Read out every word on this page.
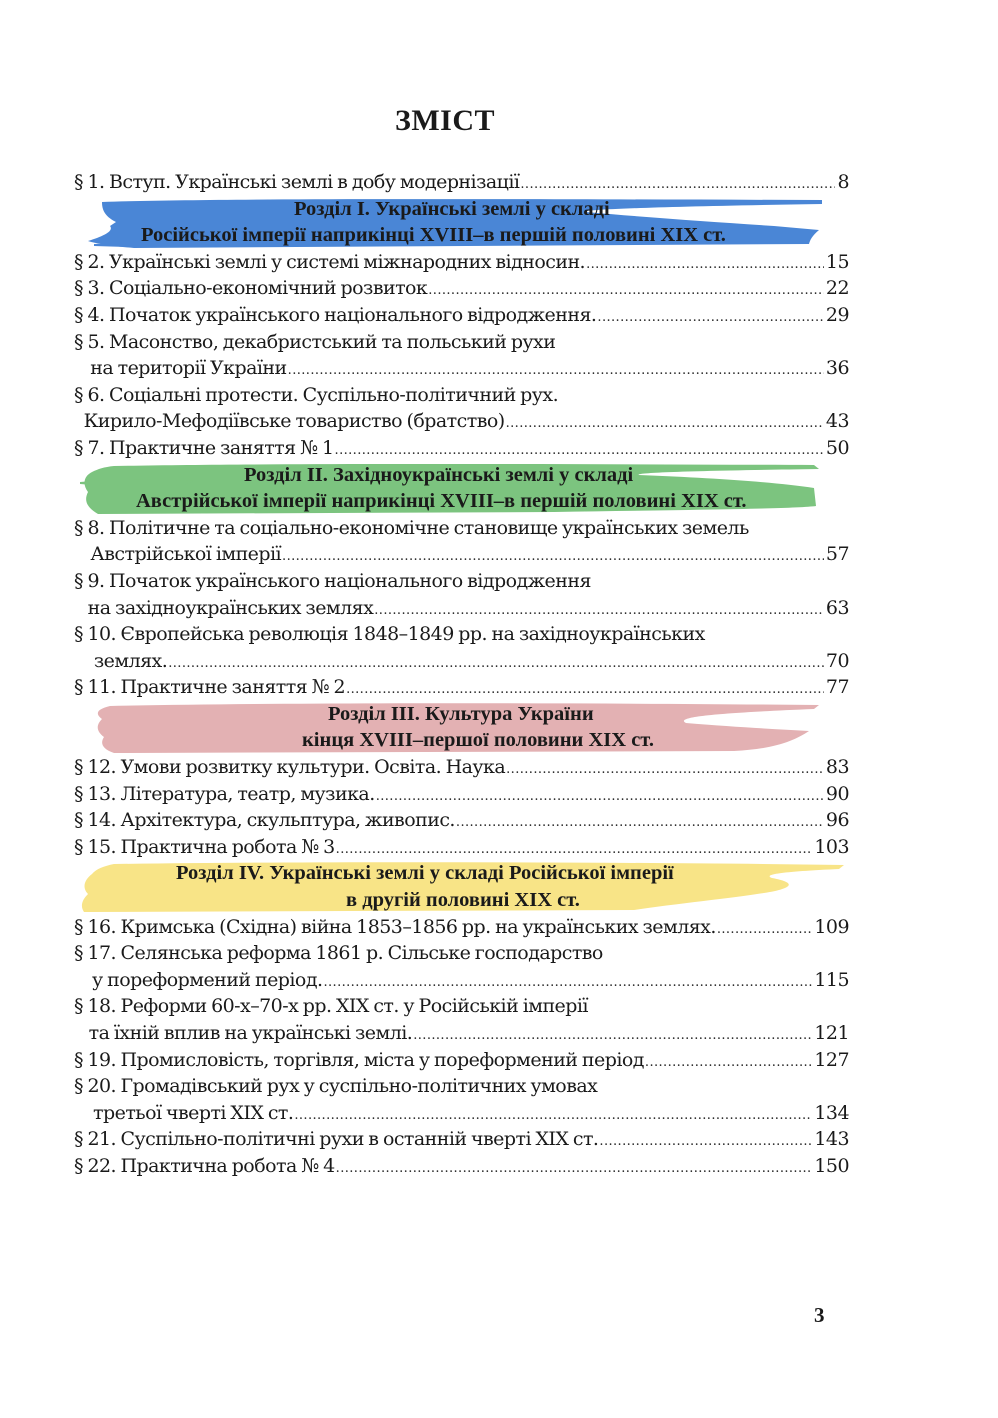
ЗМІСТ
§ 1. Вступ. Українські землі в добу модернізації .....	8
Розділ І. Українські землі у складі
Російської імперії наприкінці XVIII–в першій половині XIX ст.
§ 2. Українські землі у системі міжнародних відносин. .....	15
§ 3. Соціально-економічний розвиток .....	22
§ 4. Початок українського національного відродження. .....	29
§ 5. Масонство, декабристський та польський рухи
на території України .....	36
§ 6. Соціальні протести. Суспільно-політичний рух.
Кирило-Мефодіївське товариство (братство) .....	43
§ 7. Практичне заняття № 1 .....	50
Розділ ІІ. Західноукраїнські землі у складі
Австрійської імперії наприкінці XVIII–в першій половині XIX ст.
§ 8. Політичне та соціально-економічне становище українських земель
Австрійської імперії .....	57
§ 9. Початок українського національного відродження
на західноукраїнських землях .....	63
§ 10. Європейська революція 1848–1849 рр. на західноукраїнських
землях. .....	70
§ 11. Практичне заняття № 2 .....	77
Розділ ІІІ. Культура України
кінця XVIII–першої половини XIX ст.
§ 12. Умови розвитку культури. Освіта. Наука .....	83
§ 13. Література, театр, музика. .....	90
§ 14. Архітектура, скульптура, живопис. .....	96
§ 15. Практична робота № 3 .....	103
Розділ IV. Українські землі у складі Російської імперії
в другій половині XIX ст.
§ 16. Кримська (Східна) війна 1853–1856 рр. на українських землях. .....	109
§ 17. Селянська реформа 1861 р. Сільське господарство
у пореформений період. .....	115
§ 18. Реформи 60-х–70-х рр. XIX ст. у Російській імперії
та їхній вплив на українські землі. .....	121
§ 19. Промисловість, торгівля, міста у пореформений період .....	127
§ 20. Громадівський рух у суспільно-політичних умовах
третьої чверті XIX ст. .....	134
§ 21. Суспільно-політичні рухи в останній чверті XIX ст. .....	143
§ 22. Практична робота № 4 .....	150
3
